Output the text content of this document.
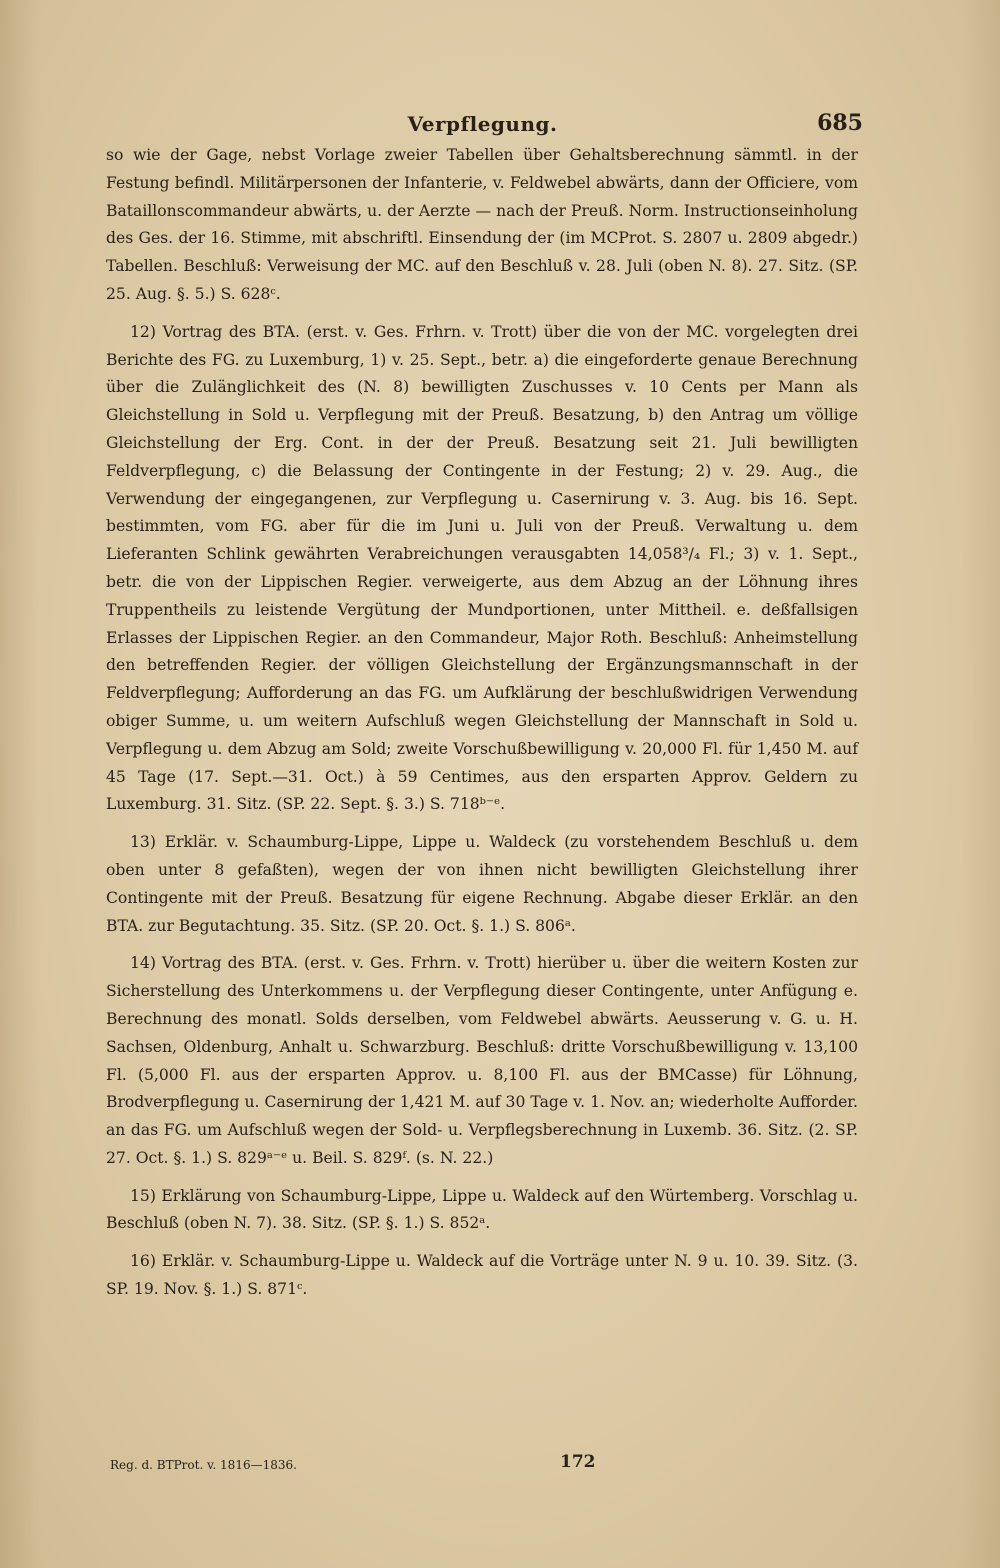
Verpflegung.	685

so wie der Gage, nebst Vorlage zweier Tabellen über Gehaltsberechnung sämmtl. in der Festung befindl. Militärpersonen der Infanterie, v. Feldwebel abwärts, dann der Officiere, vom Bataillonscommandeur abwärts, u. der Aerzte — nach der Preuß. Norm. Instructionseinholung des Ges. der 16. Stimme, mit abschriftl. Einsendung der (im MCProt. S. 2807 u. 2809 abgedr.) Tabellen. Beschluß: Verweisung der MC. auf den Beschluß v. 28. Juli (oben N. 8). 27. Sitz. (SP. 25. Aug. §. 5.) S. 628ᶜ.

12) Vortrag des BTA. (erst. v. Ges. Frhrn. v. Trott) über die von der MC. vorgelegten drei Berichte des FG. zu Luxemburg, 1) v. 25. Sept., betr. a) die eingeforderte genaue Berechnung über die Zulänglichkeit des (N. 8) bewilligten Zuschusses v. 10 Cents per Mann als Gleichstellung in Sold u. Verpflegung mit der Preuß. Besatzung, b) den Antrag um völlige Gleichstellung der Erg. Cont. in der der Preuß. Besatzung seit 21. Juli bewilligten Feldverpflegung, c) die Belassung der Contingente in der Festung; 2) v. 29. Aug., die Verwendung der eingegangenen, zur Verpflegung u. Casernirung v. 3. Aug. bis 16. Sept. bestimmten, vom FG. aber für die im Juni u. Juli von der Preuß. Verwaltung u. dem Lieferanten Schlink gewährten Verabreichungen verausgabten 14,058³/₄ Fl.; 3) v. 1. Sept., betr. die von der Lippischen Regier. verweigerte, aus dem Abzug an der Löhnung ihres Truppentheils zu leistende Vergütung der Mundportionen, unter Mittheil. e. deßfallsigen Erlasses der Lippischen Regier. an den Commandeur, Major Roth. Beschluß: Anheimstellung den betreffenden Regier. der völligen Gleichstellung der Ergänzungsmannschaft in der Feldverpflegung; Aufforderung an das FG. um Aufklärung der beschlußwidrigen Verwendung obiger Summe, u. um weitern Aufschluß wegen Gleichstellung der Mannschaft in Sold u. Verpflegung u. dem Abzug am Sold; zweite Vorschußbewilligung v. 20,000 Fl. für 1,450 M. auf 45 Tage (17. Sept.—31. Oct.) à 59 Centimes, aus den ersparten Approv. Geldern zu Luxemburg. 31. Sitz. (SP. 22. Sept. §. 3.) S. 718ᵇ⁻ᵉ.

13) Erklär. v. Schaumburg-Lippe, Lippe u. Waldeck (zu vorstehendem Beschluß u. dem oben unter 8 gefaßten), wegen der von ihnen nicht bewilligten Gleichstellung ihrer Contingente mit der Preuß. Besatzung für eigene Rechnung. Abgabe dieser Erklär. an den BTA. zur Begutachtung. 35. Sitz. (SP. 20. Oct. §. 1.) S. 806ᵃ.

14) Vortrag des BTA. (erst. v. Ges. Frhrn. v. Trott) hierüber u. über die weitern Kosten zur Sicherstellung des Unterkommens u. der Verpflegung dieser Contingente, unter Anfügung e. Berechnung des monatl. Solds derselben, vom Feldwebel abwärts. Aeusserung v. G. u. H. Sachsen, Oldenburg, Anhalt u. Schwarzburg. Beschluß: dritte Vorschußbewilligung v. 13,100 Fl. (5,000 Fl. aus der ersparten Approv. u. 8,100 Fl. aus der BMCasse) für Löhnung, Brodverpflegung u. Casernirung der 1,421 M. auf 30 Tage v. 1. Nov. an; wiederholte Aufforder. an das FG. um Aufschluß wegen der Sold- u. Verpflegsberechnung in Luxemb. 36. Sitz. (2. SP. 27. Oct. §. 1.) S. 829ᵃ⁻ᵉ u. Beil. S. 829ᶠ. (s. N. 22.)

15) Erklärung von Schaumburg-Lippe, Lippe u. Waldeck auf den Würtemberg. Vorschlag u. Beschluß (oben N. 7). 38. Sitz. (SP. §. 1.) S. 852ᵃ.

16) Erklär. v. Schaumburg-Lippe u. Waldeck auf die Vorträge unter N. 9 u. 10. 39. Sitz. (3. SP. 19. Nov. §. 1.) S. 871ᶜ.

Reg. d. BTProt. v. 1816—1836.	172
